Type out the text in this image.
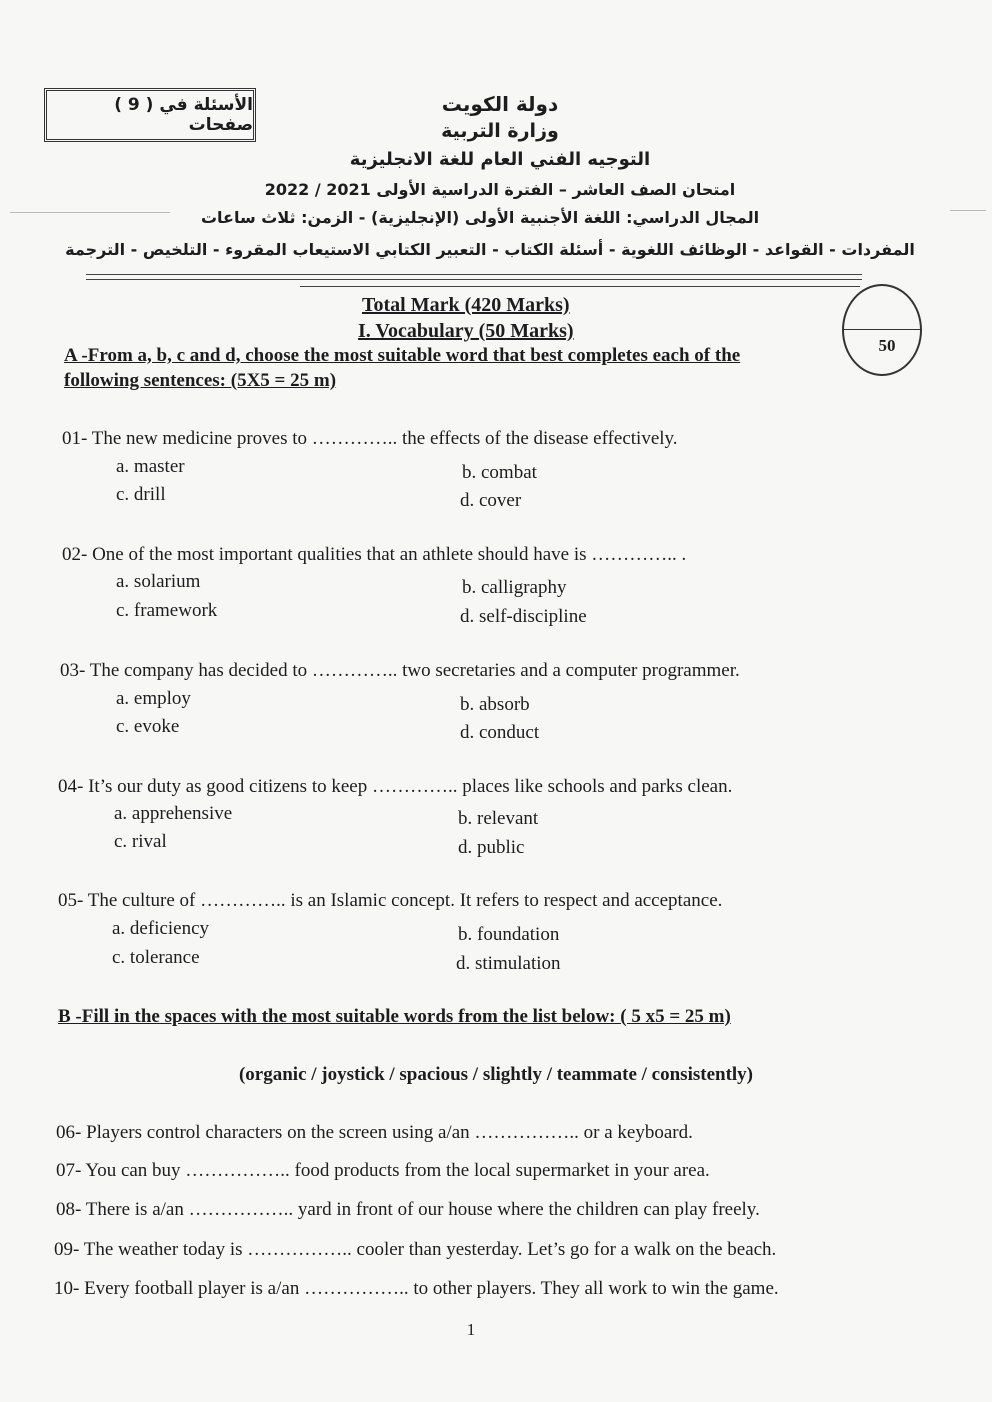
الأسئلة في ( 9 ) صفحات
دولة الكويت
وزارة التربية
التوجيه الفني العام للغة الانجليزية
امتحان الصف العاشر – الفترة الدراسية الأولى 2021 / 2022
المجال الدراسي: اللغة الأجنبية الأولى (الإنجليزية) - الزمن: ثلاث ساعات
المفردات - القواعد - الوظائف اللغوية - أسئلة الكتاب - التعبير الكتابي الاستيعاب المقروء - التلخيص - الترجمة
50
Total Mark (420 Marks)
I. Vocabulary (50 Marks)
A -From a, b, c and d, choose the most suitable word that best completes each of the
following sentences: (5X5 = 25 m)
01- The new medicine proves to ………….. the effects of the disease effectively.
a. master	b. combat
c. drill	d. cover
02- One of the most important qualities that an athlete should have is ………….. .
a. solarium	b. calligraphy
c. framework	d. self-discipline
03- The company has decided to ………….. two secretaries and a computer programmer.
a. employ	b. absorb
c. evoke	d. conduct
04- It’s our duty as good citizens to keep ………….. places like schools and parks clean.
a. apprehensive	b. relevant
c. rival	d. public
05- The culture of ………….. is an Islamic concept. It refers to respect and acceptance.
a. deficiency	b. foundation
c. tolerance	d. stimulation
B -Fill in the spaces with the most suitable words from the list below: ( 5 x5 = 25 m)
(organic / joystick / spacious / slightly / teammate / consistently)
06- Players control characters on the screen using a/an …………….. or a keyboard.
07- You can buy …………….. food products from the local supermarket in your area.
08- There is a/an …………….. yard in front of our house where the children can play freely.
09- The weather today is …………….. cooler than yesterday. Let’s go for a walk on the beach.
10- Every football player is a/an …………….. to other players. They all work to win the game.
1
